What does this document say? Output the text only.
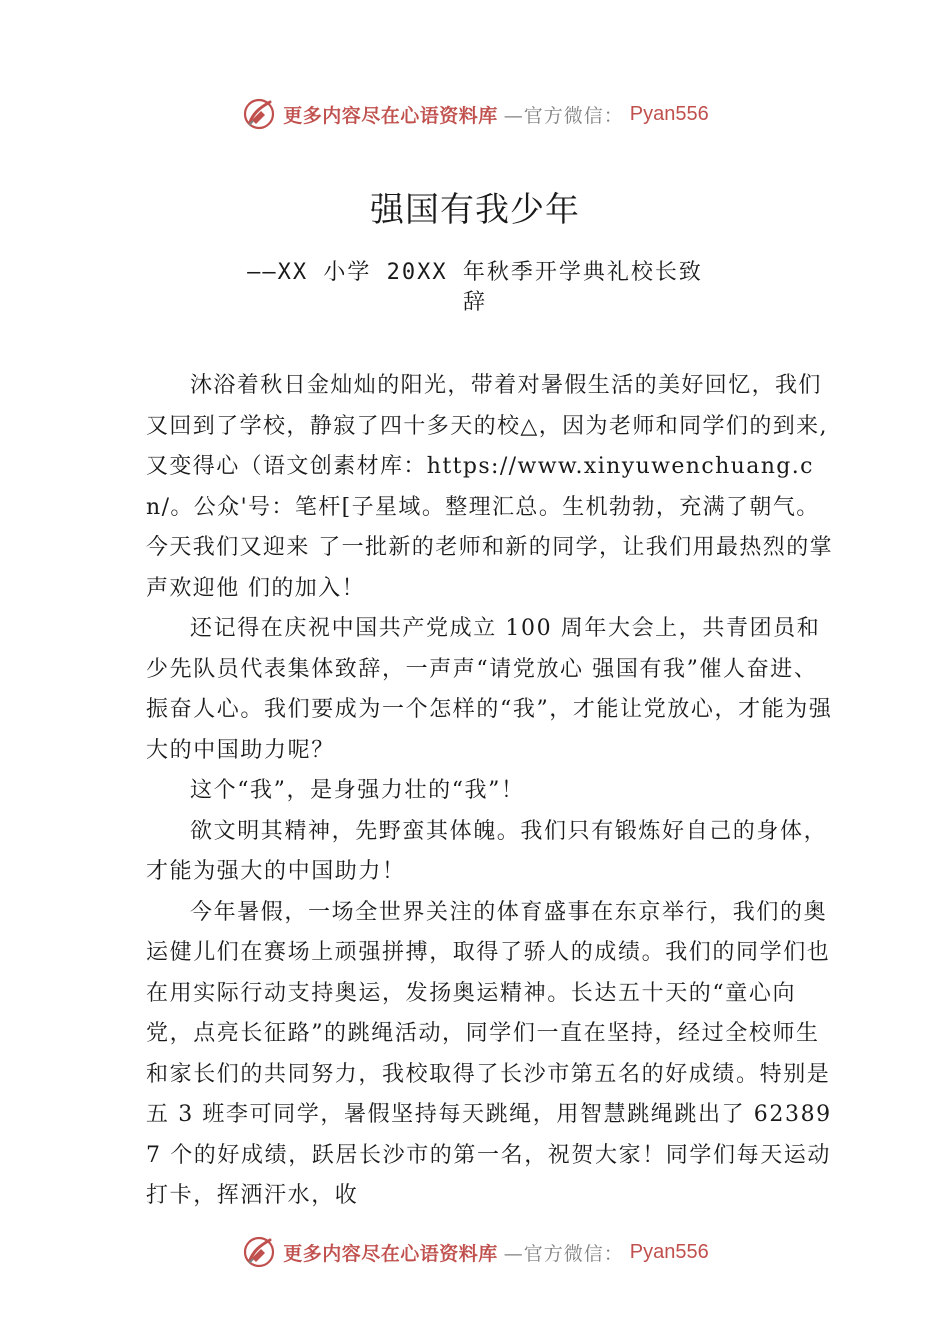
更多内容尽在心语资料库 —官方微信： Pyan556
强国有我少年
——XX 小学 20XX 年秋季开学典礼校长致
辞

沐浴着秋日金灿灿的阳光，带着对暑假生活的美好回忆，我们又回到了学校，静寂了四十多天的校△，因为老师和同学们的到来,又变得心（语文创素材库：https://www.xinyuwenchuang.cn/。公众'号：笔杆[子星域。整理汇总。生机勃勃，充满了朝气。今天我们又迎来 了一批新的老师和新的同学，让我们用最热烈的掌声欢迎他 们的加入！

还记得在庆祝中国共产党成立 100 周年大会上，共青团员和少先队员代表集体致辞，一声声“请党放心 强国有我”催人奋进、振奋人心。我们要成为一个怎样的“我”，才能让党放心，才能为强大的中国助力呢？

这个“我”，是身强力壮的“我”！

欲文明其精神，先野蛮其体魄。我们只有锻炼好自己的身体，才能为强大的中国助力！

今年暑假，一场全世界关注的体育盛事在东京举行，我们的奥运健儿们在赛场上顽强拼搏，取得了骄人的成绩。我们的同学们也在用实际行动支持奥运，发扬奥运精神。长达五十天的“童心向党，点亮长征路”的跳绳活动，同学们一直在坚持，经过全校师生和家长们的共同努力，我校取得了长沙市第五名的好成绩。特别是五 3 班李可同学，暑假坚持每天跳绳，用智慧跳绳跳出了 623897 个的好成绩，跃居长沙市的第一名，祝贺大家！同学们每天运动打卡，挥洒汗水，收

更多内容尽在心语资料库 —官方微信： Pyan556
